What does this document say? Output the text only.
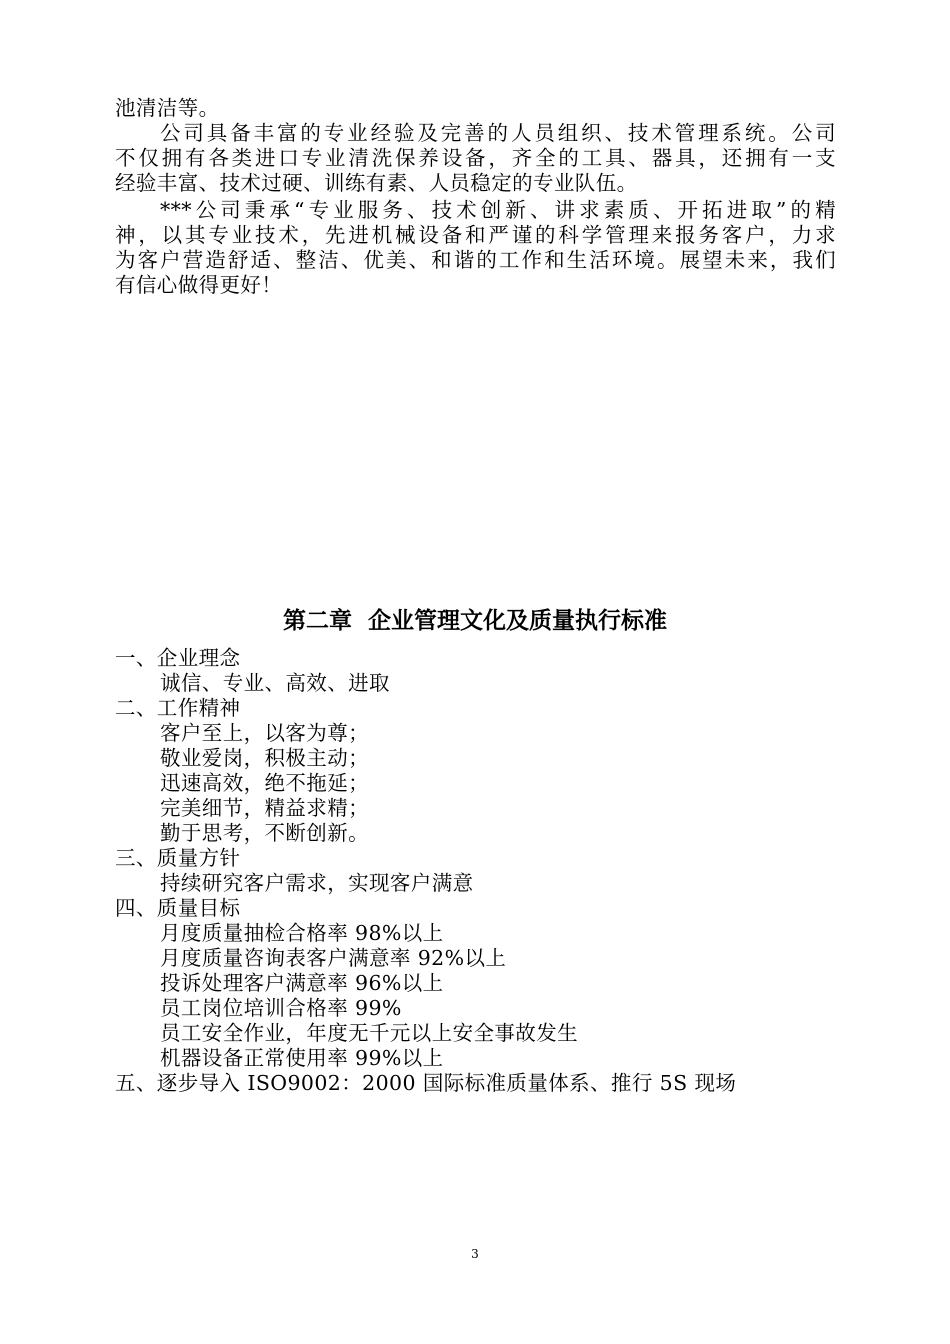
池清洁等。
公司具备丰富的专业经验及完善的人员组织、技术管理系统。公司
不仅拥有各类进口专业清洗保养设备，齐全的工具、器具，还拥有一支
经验丰富、技术过硬、训练有素、人员稳定的专业队伍。
***公司秉承“专业服务、技术创新、讲求素质、开拓进取”的精
神，以其专业技术，先进机械设备和严谨的科学管理来报务客户，力求
为客户营造舒适、整洁、优美、和谐的工作和生活环境。展望未来，我们
有信心做得更好！
第二章  企业管理文化及质量执行标准
一、企业理念
诚信、专业、高效、进取
二、工作精神
客户至上，以客为尊；
敬业爱岗，积极主动；
迅速高效，绝不拖延；
完美细节，精益求精；
勤于思考，不断创新。
三、质量方针
持续研究客户需求，实现客户满意
四、质量目标
月度质量抽检合格率 98%以上
月度质量咨询表客户满意率 92%以上
投诉处理客户满意率 96%以上
员工岗位培训合格率 99%
员工安全作业，年度无千元以上安全事故发生
机器设备正常使用率 99%以上
五、逐步导入 ISO9002：2000 国际标准质量体系、推行 5S 现场
3
